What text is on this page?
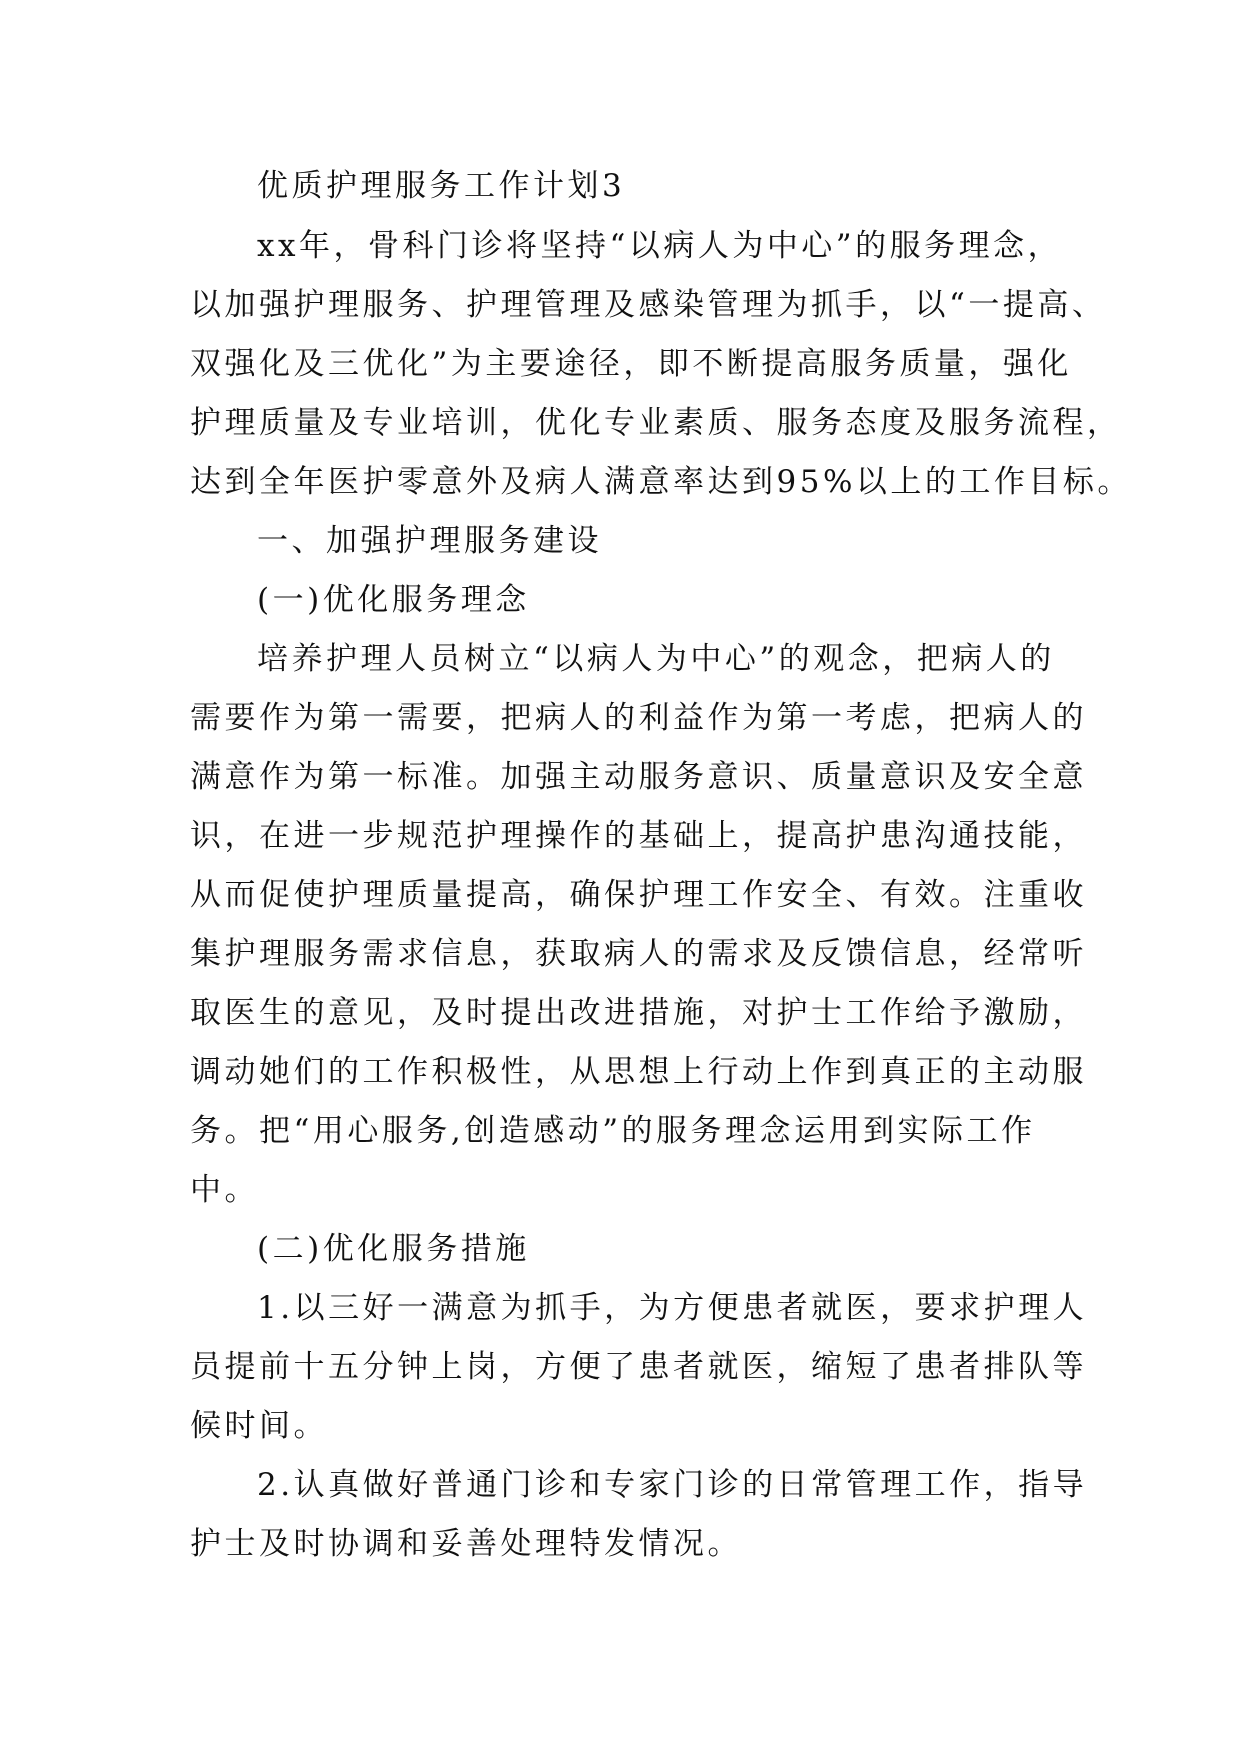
优质护理服务工作计划3
xx年，骨科门诊将坚持“以病人为中心”的服务理念，
以加强护理服务、护理管理及感染管理为抓手，以“一提高、
双强化及三优化”为主要途径，即不断提高服务质量，强化
护理质量及专业培训，优化专业素质、服务态度及服务流程，
达到全年医护零意外及病人满意率达到95%以上的工作目标。
一、加强护理服务建设
(一)优化服务理念
培养护理人员树立“以病人为中心”的观念，把病人的
需要作为第一需要，把病人的利益作为第一考虑，把病人的
满意作为第一标准。加强主动服务意识、质量意识及安全意
识，在进一步规范护理操作的基础上，提高护患沟通技能，
从而促使护理质量提高，确保护理工作安全、有效。注重收
集护理服务需求信息，获取病人的需求及反馈信息，经常听
取医生的意见，及时提出改进措施，对护士工作给予激励，
调动她们的工作积极性，从思想上行动上作到真正的主动服
务。把“用心服务,创造感动”的服务理念运用到实际工作
中。
(二)优化服务措施
1.以三好一满意为抓手，为方便患者就医，要求护理人
员提前十五分钟上岗，方便了患者就医，缩短了患者排队等
候时间。
2.认真做好普通门诊和专家门诊的日常管理工作，指导
护士及时协调和妥善处理特发情况。
